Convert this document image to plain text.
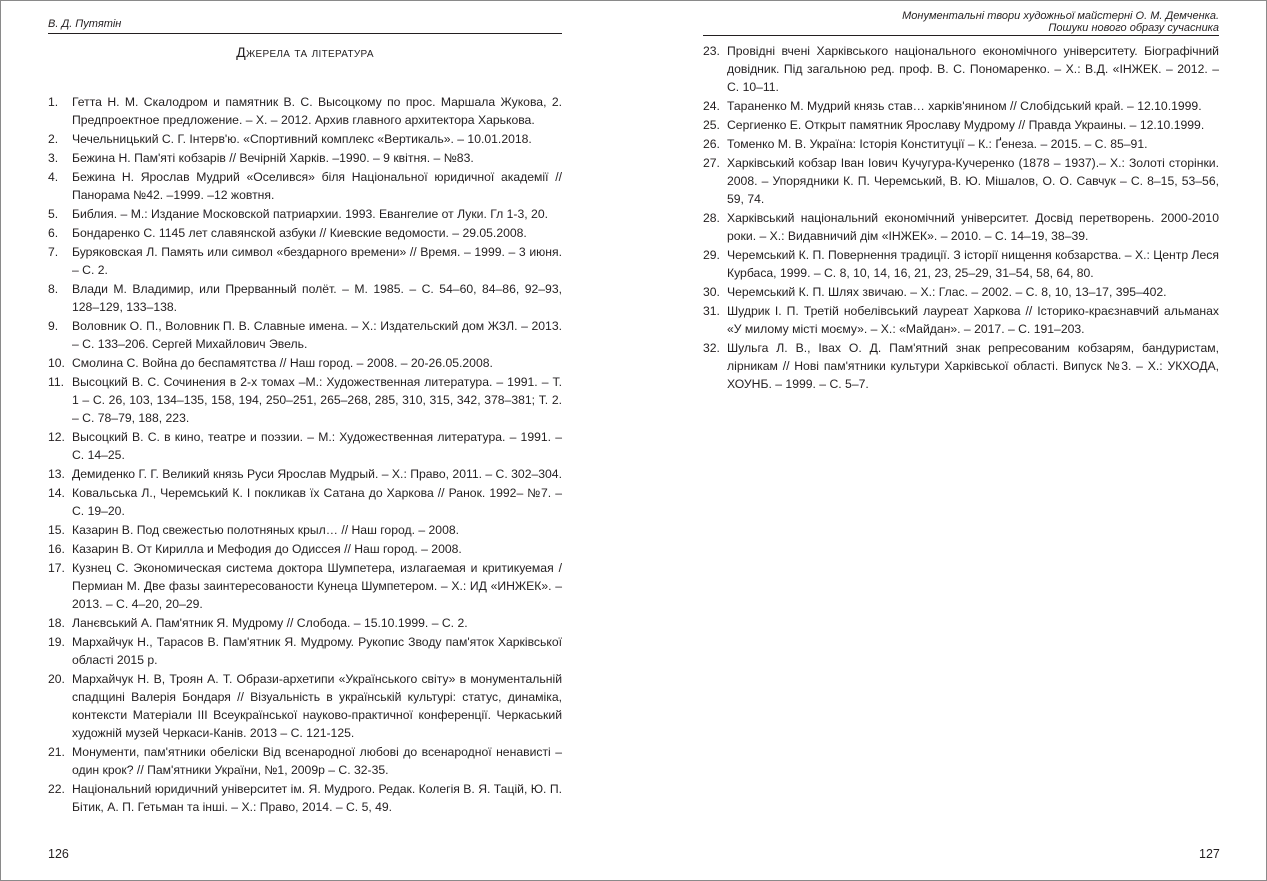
В. Д. Путятін
Джерела та література
1. Гетта Н. М. Скалодром и памятник В. С. Высоцкому по прос. Маршала Жукова, 2. Предпроектное предложение. – Х. – 2012. Архив главного архитектора Харькова.
2. Чечельницький С. Г. Інтерв'ю. «Спортивний комплекс «Вертикаль». – 10.01.2018.
3. Бежина Н. Пам'яті кобзарів // Вечірній Харків. –1990. – 9 квітня. – №83.
4. Бежина Н. Ярослав Мудрий «Оселився» біля Національної юридичної академії // Панорама №42. –1999. –12 жовтня.
5. Библия. – М.: Издание Московской патриархии. 1993. Евангелие от Луки. Гл 1-3, 20.
6. Бондаренко С. 1145 лет славянской азбуки // Киевские ведомости. – 29.05.2008.
7. Буряковская Л. Память или символ «бездарного времени» // Время. – 1999. – 3 июня. – С. 2.
8. Влади М. Владимир, или Прерванный полёт. – М. 1985. – С. 54–60, 84–86, 92–93, 128–129, 133–138.
9. Воловник О. П., Воловник П. В. Славные имена. – Х.: Издательский дом ЖЗЛ. – 2013. – С. 133–206. Сергей Михайлович Эвель.
10. Смолина С. Война до беспамятства // Наш город. – 2008. – 20-26.05.2008.
11. Высоцкий В. С. Сочинения в 2-х томах –М.: Художественная литература. – 1991. – Т. 1 – С. 26, 103, 134–135, 158, 194, 250–251, 265–268, 285, 310, 315, 342, 378–381; Т. 2. – С. 78–79, 188, 223.
12. Высоцкий В. С. в кино, театре и поэзии. – М.: Художественная литература. – 1991. – С. 14–25.
13. Демиденко Г. Г. Великий князь Руси Ярослав Мудрый. – Х.: Право, 2011. – С. 302–304.
14. Ковальська Л., Черемський К. І покликав їх Сатана до Харкова // Ранок. 1992– №7. – С. 19–20.
15. Казарин В. Под свежестью полотняных крыл… // Наш город. – 2008.
16. Казарин В. От Кирилла и Мефодия до Одиссея // Наш город. – 2008.
17. Кузнец С. Экономическая система доктора Шумпетера, излагаемая и критикуемая / Пермиан М. Две фазы заинтересованости Кунеца Шумпетером. – Х.: ИД «ИНЖЕК». – 2013. – С. 4–20, 20–29.
18. Ланєвський А. Пам'ятник Я. Мудрому // Слобода. – 15.10.1999. – С. 2.
19. Мархайчук Н., Тарасов В. Пам'ятник Я. Мудрому. Рукопис Зводу пам'яток Харківської області 2015 р.
20. Мархайчук Н. В, Троян А. Т. Образи-архетипи «Українського світу» в монументальній спадщині Валерія Бондаря // Візуальність в українській культурі: статус, динаміка, контексти Матеріали ІІІ Всеукраїнської науково-практичної конференції. Черкаський художній музей Черкаси-Канів. 2013 – С. 121-125.
21. Монументи, пам'ятники обеліски Від всенародної любові до всенародної ненависті – один крок? // Пам'ятники України, №1, 2009р – С. 32-35.
22. Національний юридичний університет ім. Я. Мудрого. Редак. Колегія В. Я. Тацій, Ю. П. Бітик, А. П. Гетьман та інші. – Х.: Право, 2014. – С. 5, 49.
126
Монументальні твори художньої майстерні О. М. Демченка.
Пошуки нового образу сучасника
23. Провідні вчені Харківського національного економічного університету. Біографічний довідник. Під загальною ред. проф. В. С. Пономаренко. – Х.: В.Д. «ІНЖЕК. – 2012. – С. 10–11.
24. Тараненко М. Мудрий князь став… харків'янином // Слобідський край. – 12.10.1999.
25. Сергиенко Е. Открыт памятник Ярославу Мудрому // Правда Украины. – 12.10.1999.
26. Томенко М. В. Україна: Історія Конституції – К.: Ґенеза. – 2015. – С. 85–91.
27. Харківський кобзар Іван Іович Кучугура-Кучеренко (1878 – 1937).– Х.: Золоті сторінки. 2008. – Упорядники К. П. Черемський, В. Ю. Мішалов, О. О. Савчук – С. 8–15, 53–56, 59, 74.
28. Харківський національний економічний університет. Досвід перетворень. 2000-2010 роки. – Х.: Видавничий дім «ІНЖЕК». – 2010. – С. 14–19, 38–39.
29. Черемський К. П. Повернення традиції. З історії нищення кобзарства. – Х.: Центр Леся Курбаса, 1999. – С. 8, 10, 14, 16, 21, 23, 25–29, 31–54, 58, 64, 80.
30. Черемський К. П. Шлях звичаю. – Х.: Глас. – 2002. – С. 8, 10, 13–17, 395–402.
31. Шудрик І. П. Третій нобелівський лауреат Харкова // Історико-краєзнавчий альманах «У милому місті моєму». – Х.: «Майдан». – 2017. – С. 191–203.
32. Шульга Л. В., Івах О. Д. Пам'ятний знак репресованим кобзарям, бандуристам, лірникам // Нові пам'ятники культури Харківської області. Випуск №3. – Х.: УКХОДА, ХОУНБ. – 1999. – С. 5–7.
127
